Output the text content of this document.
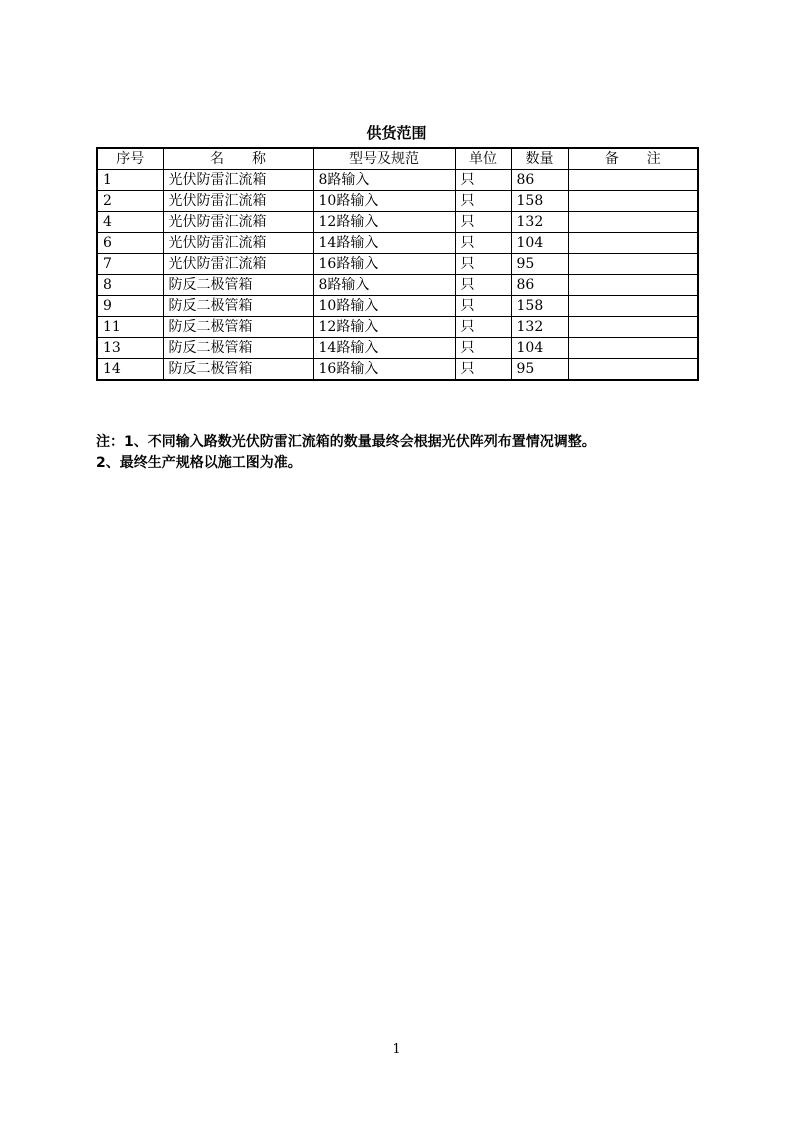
供货范围
序号	名　　称	型号及规范	单位	数量	备　　注
1	光伏防雷汇流箱	8路输入	只	86	
2	光伏防雷汇流箱	10路输入	只	158	
4	光伏防雷汇流箱	12路输入	只	132	
6	光伏防雷汇流箱	14路输入	只	104	
7	光伏防雷汇流箱	16路输入	只	95	
8	防反二极管箱	8路输入	只	86	
9	防反二极管箱	10路输入	只	158	
11	防反二极管箱	12路输入	只	132	
13	防反二极管箱	14路输入	只	104	
14	防反二极管箱	16路输入	只	95	
注：1、不同输入路数光伏防雷汇流箱的数量最终会根据光伏阵列布置情况调整。
2、最终生产规格以施工图为准。
1
